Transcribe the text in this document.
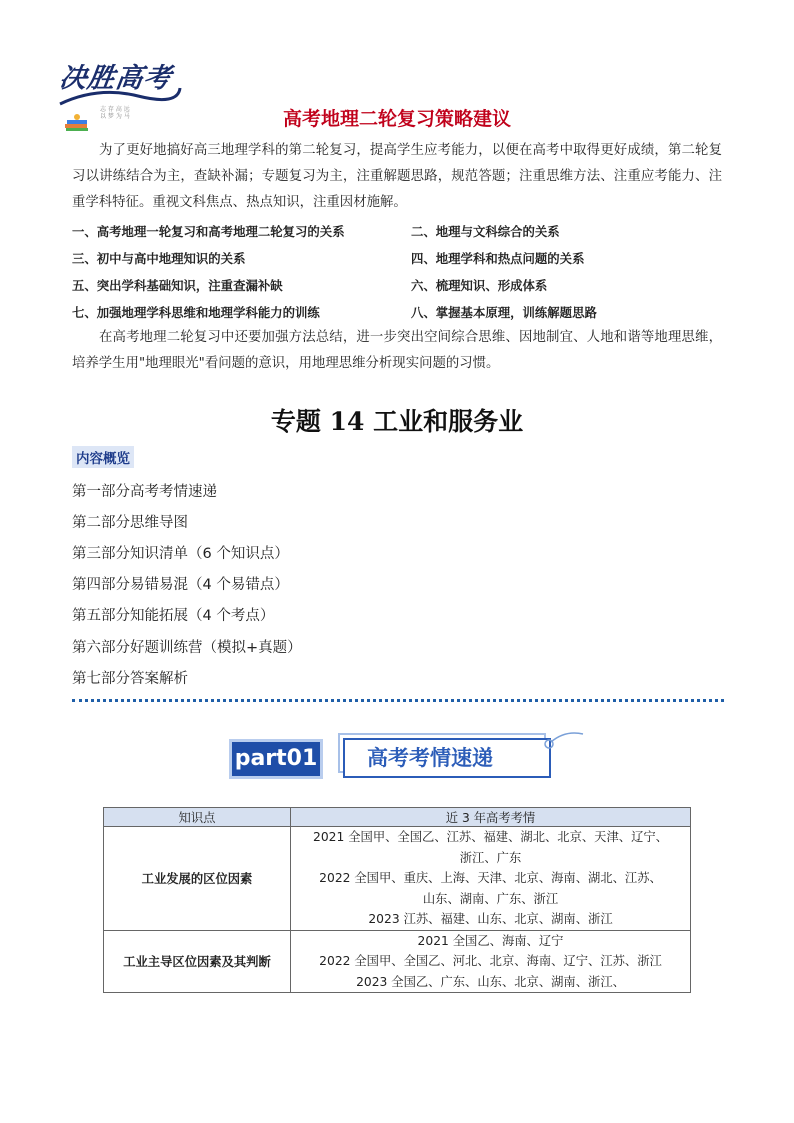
决胜高考
志 存 高 远
以 梦 为 马	高考地理二轮复习策略建议
为了更好地搞好高三地理学科的第二轮复习，提高学生应考能力，以便在高考中取得更好成绩，第二轮复习以讲练结合为主，查缺补漏；专题复习为主，注重解题思路，规范答题；注重思维方法、注重应考能力、注重学科特征。重视文科焦点、热点知识，注重因材施解。
一、高考地理一轮复习和高考地理二轮复习的关系	二、地理与文科综合的关系
三、初中与高中地理知识的关系	四、地理学科和热点问题的关系
五、突出学科基础知识，注重查漏补缺	六、梳理知识、形成体系
七、加强地理学科思维和地理学科能力的训练	八、掌握基本原理，训练解题思路
在高考地理二轮复习中还要加强方法总结，进一步突出空间综合思维、因地制宜、人地和谐等地理思维，培养学生用"地理眼光"看问题的意识，用地理思维分析现实问题的习惯。
专题 14 工业和服务业
内容概览
第一部分高考考情速递
第二部分思维导图
第三部分知识清单（6 个知识点）
第四部分易错易混（4 个易错点）
第五部分知能拓展（4 个考点）
第六部分好题训练营（模拟+真题）
第七部分答案解析
part01	高考考情速递
知识点	近 3 年高考考情
工业发展的区位因素	2021 全国甲、全国乙、江苏、福建、湖北、北京、天津、辽宁、
浙江、广东
2022 全国甲、重庆、上海、天津、北京、海南、湖北、江苏、
山东、湖南、广东、浙江
2023 江苏、福建、山东、北京、湖南、浙江

工业主导区位因素及其判断	2021 全国乙、海南、辽宁
2022 全国甲、全国乙、河北、北京、海南、辽宁、江苏、浙江
2023 全国乙、广东、山东、北京、湖南、浙江、
